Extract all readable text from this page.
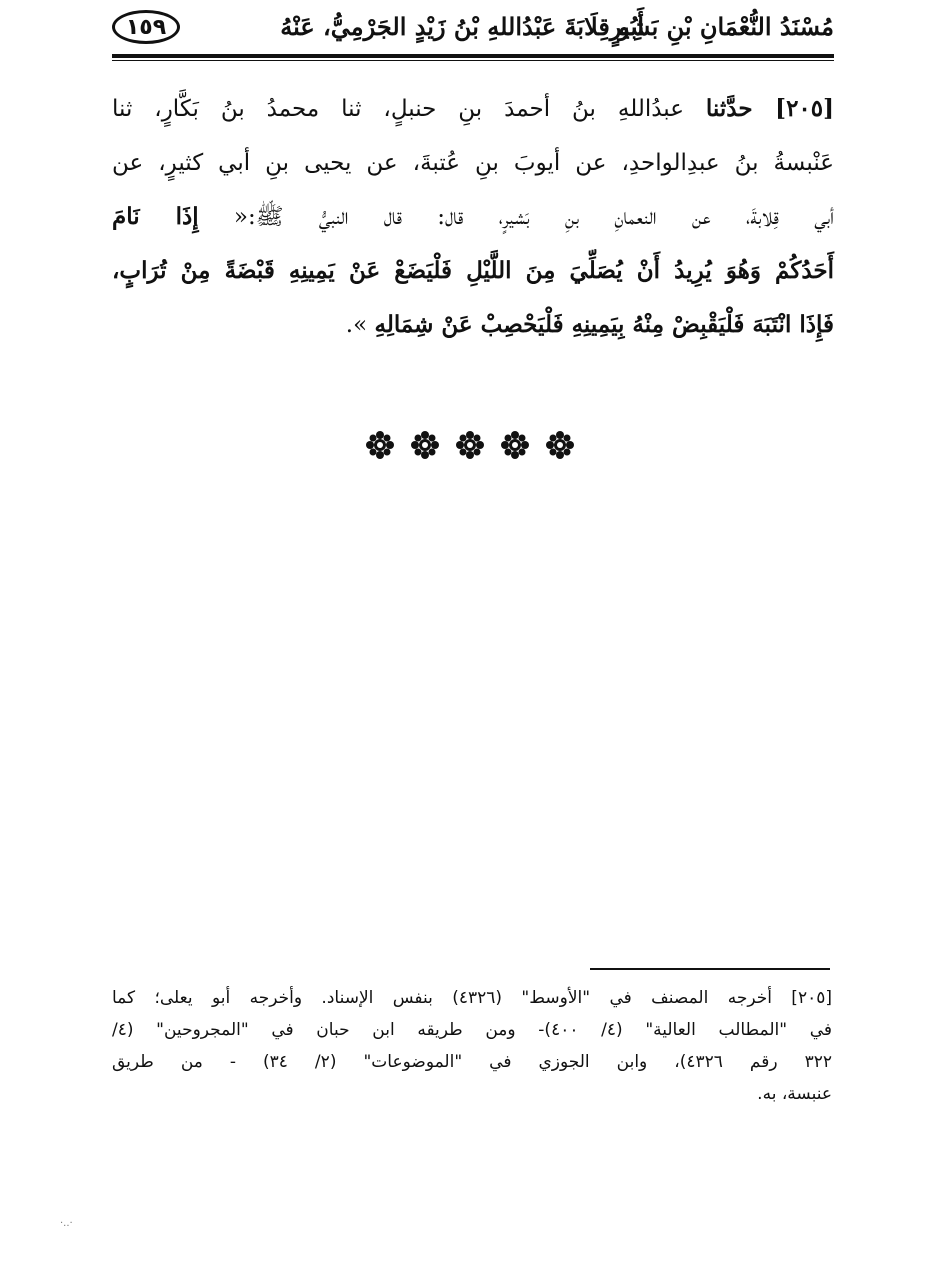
مُسْنَدُ النُّعْمَانِ بْنِ بَشِيرٍ
أَبُو قِلَابَةَ عَبْدُاللهِ بْنُ زَيْدٍ الجَرْمِيُّ، عَنْهُ
١٥٩
[٢٠٥] حدَّثنا عبدُاللهِ بنُ أحمدَ بنِ حنبلٍ، ثنا محمدُ بنُ بَكَّارٍ، ثنا
عَنْبسةُ بنُ عبدِالواحدِ، عن أيوبَ بنِ عُتبةَ، عن يحيى بنِ أبي كثيرٍ، عن
أبي قِلابةَ، عن النعمانِ بنِ بَشيرٍ، قال: قال النبيُّ ﷺ:« إِذَا نَامَ
أَحَدُكُمْ وَهُوَ يُرِيدُ أَنْ يُصَلِّيَ مِنَ اللَّيْلِ فَلْيَضَعْ عَنْ يَمِينِهِ قَبْضَةً مِنْ تُرَابٍ،
فَإِذَا انْتَبَهَ فَلْيَقْبِضْ مِنْهُ بِيَمِينِهِ فَلْيَحْصِبْ عَنْ شِمَالِهِ ».
[٢٠٥] أخرجه المصنف في "الأوسط" (٤٣٢٦) بنفس الإسناد. وأخرجه أبو يعلى؛ كما
في "المطالب العالية" (٤/ ٤٠٠)- ومن طريقه ابن حبان في "المجروحين" (٤/
٣٢٢ رقم ٤٣٢٦)، وابن الجوزي في "الموضوعات" (٢/ ٣٤) - من طريق
عنبسة، به.
·..·
